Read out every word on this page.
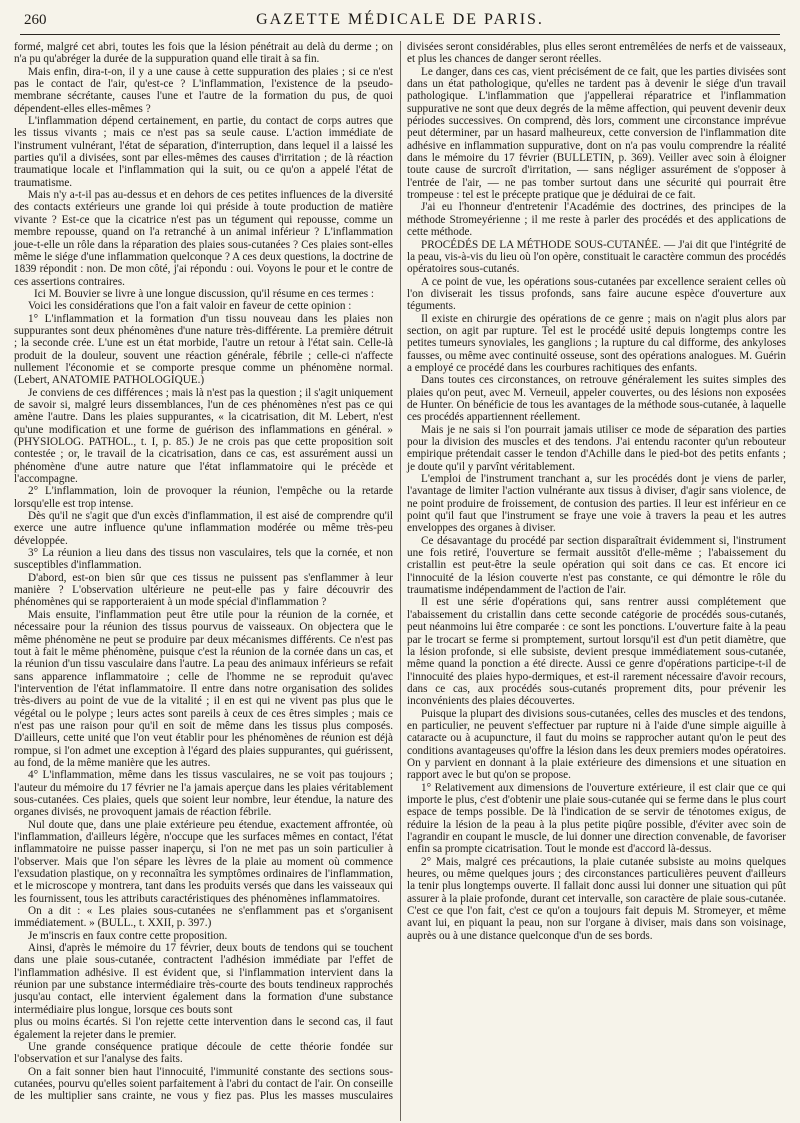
260	GAZETTE MÉDICALE DE PARIS.

formé, malgré cet abri, toutes les fois que la lésion pénétrait au delà du derme ; on n'a pu qu'abréger la durée de la suppuration quand elle tirait à sa fin.

Mais enfin, dira-t-on, il y a une cause à cette suppuration des plaies ; si ce n'est pas le contact de l'air, qu'est-ce ? L'inflammation, l'existence de la pseudo-membrane sécrétante, causes l'une et l'autre de la formation du pus, de quoi dépendent-elles elles-mêmes ?

L'inflammation dépend certainement, en partie, du contact de corps autres que les tissus vivants ; mais ce n'est pas sa seule cause. L'action immédiate de l'instrument vulnérant, l'état de séparation, d'interruption, dans lequel il a laissé les parties qu'il a divisées, sont par elles-mêmes des causes d'irritation ; de là réaction traumatique locale et l'inflammation qui la suit, ou ce qu'on a appelé l'état de traumatisme.

Mais n'y a-t-il pas au-dessus et en dehors de ces petites influences de la diversité des contacts extérieurs une grande loi qui préside à toute production de matière vivante ? Est-ce que la cicatrice n'est pas un tégument qui repousse, comme un membre repousse, quand on l'a retranché à un animal inférieur ? L'inflammation joue-t-elle un rôle dans la réparation des plaies sous-cutanées ? Ces plaies sont-elles même le siége d'une inflammation quelconque ? A ces deux questions, la doctrine de 1839 répondit : non. De mon côté, j'ai répondu : oui. Voyons le pour et le contre de ces assertions contraires.

Ici M. Bouvier se livre à une longue discussion, qu'il résume en ces termes :

Voici les considérations que l'on a fait valoir en faveur de cette opinion :

1° L'inflammation et la formation d'un tissu nouveau dans les plaies non suppurantes sont deux phénomènes d'une nature très-différente. La première détruit ; la seconde crée. L'une est un état morbide, l'autre un retour à l'état sain. Celle-là produit de la douleur, souvent une réaction générale, fébrile ; celle-ci n'affecte nullement l'économie et se comporte presque comme un phénomène normal. (Lebert, ANATOMIE PATHOLOGIQUE.)

Je conviens de ces différences ; mais là n'est pas la question ; il s'agit uniquement de savoir si, malgré leurs dissemblances, l'un de ces phénomènes n'est pas ce qui amène l'autre. Dans les plaies suppurantes, « la cicatrisation, dit M. Lebert, n'est qu'une modification et une forme de guérison des inflammations en général. » (PHYSIOLOG. PATHOL., t. I, p. 85.) Je ne crois pas que cette proposition soit contestée ; or, le travail de la cicatrisation, dans ce cas, est assurément aussi un phénomène d'une autre nature que l'état inflammatoire qui le précède et l'accompagne.

2° L'inflammation, loin de provoquer la réunion, l'empêche ou la retarde lorsqu'elle est trop intense.

Dès qu'il ne s'agit que d'un excès d'inflammation, il est aisé de comprendre qu'il exerce une autre influence qu'une inflammation modérée ou même très-peu développée.

3° La réunion a lieu dans des tissus non vasculaires, tels que la cornée, et non susceptibles d'inflammation.

D'abord, est-on bien sûr que ces tissus ne puissent pas s'enflammer à leur manière ? L'observation ultérieure ne peut-elle pas y faire découvrir des phénomènes qui se rapporteraient à un mode spécial d'inflammation ?

Mais ensuite, l'inflammation peut être utile pour la réunion de la cornée, et nécessaire pour la réunion des tissus pourvus de vaisseaux. On objectera que le même phénomène ne peut se produire par deux mécanismes différents. Ce n'est pas tout à fait le même phénomène, puisque c'est la réunion de la cornée dans un cas, et la réunion d'un tissu vasculaire dans l'autre. La peau des animaux inférieurs se refait sans apparence inflammatoire ; celle de l'homme ne se reproduit qu'avec l'intervention de l'état inflammatoire. Il entre dans notre organisation des solides très-divers au point de vue de la vitalité ; il en est qui ne vivent pas plus que le végétal ou le polype ; leurs actes sont pareils à ceux de ces êtres simples ; mais ce n'est pas une raison pour qu'il en soit de même dans les tissus plus composés. D'ailleurs, cette unité que l'on veut établir pour les phénomènes de réunion est déjà rompue, si l'on admet une exception à l'égard des plaies suppurantes, qui guérissent, au fond, de la même manière que les autres.

4° L'inflammation, même dans les tissus vasculaires, ne se voit pas toujours ; l'auteur du mémoire du 17 février ne l'a jamais aperçue dans les plaies véritablement sous-cutanées. Ces plaies, quels que soient leur nombre, leur étendue, la nature des organes divisés, ne provoquent jamais de réaction fébrile.

Nul doute que, dans une plaie extérieure peu étendue, exactement affrontée, où l'inflammation, d'ailleurs légère, n'occupe que les surfaces mêmes en contact, l'état inflammatoire ne puisse passer inaperçu, si l'on ne met pas un soin particulier à l'observer. Mais que l'on sépare les lèvres de la plaie au moment où commence l'exsudation plastique, on y reconnaîtra les symptômes ordinaires de l'inflammation, et le microscope y montrera, tant dans les produits versés que dans les vaisseaux qui les fournissent, tous les attributs caractéristiques des phénomènes inflammatoires.

On a dit : « Les plaies sous-cutanées ne s'enflamment pas et s'organisent immédiatement. » (BULL., t. XXII, p. 397.)

Je m'inscris en faux contre cette proposition.

Ainsi, d'après le mémoire du 17 février, deux bouts de tendons qui se touchent dans une plaie sous-cutanée, contractent l'adhésion immédiate par l'effet de l'inflammation adhésive. Il est évident que, si l'inflammation intervient dans la réunion par une substance intermédiaire très-courte des bouts tendineux rapprochés jusqu'au contact, elle intervient également dans la formation d'une substance intermédiaire plus longue, lorsque ces bouts sont

plus ou moins écartés. Si l'on rejette cette intervention dans le second cas, il faut également la rejeter dans le premier.

Une grande conséquence pratique découle de cette théorie fondée sur l'observation et sur l'analyse des faits.

On a fait sonner bien haut l'innocuité, l'immunité constante des sections sous-cutanées, pourvu qu'elles soient parfaitement à l'abri du contact de l'air. On conseille de les multiplier sans crainte, ne vous y fiez pas. Plus les masses musculaires divisées seront considérables, plus elles seront entremêlées de nerfs et de vaisseaux, et plus les chances de danger seront réelles.

Le danger, dans ces cas, vient précisément de ce fait, que les parties divisées sont dans un état pathologique, qu'elles ne tardent pas à devenir le siége d'un travail pathologique. L'inflammation que j'appellerai réparatrice et l'inflammation suppurative ne sont que deux degrés de la même affection, qui peuvent devenir deux périodes successives. On comprend, dès lors, comment une circonstance imprévue peut déterminer, par un hasard malheureux, cette conversion de l'inflammation dite adhésive en inflammation suppurative, dont on n'a pas voulu comprendre la réalité dans le mémoire du 17 février (BULLETIN, p. 369). Veiller avec soin à éloigner toute cause de surcroît d'irritation, — sans négliger assurément de s'opposer à l'entrée de l'air, — ne pas tomber surtout dans une sécurité qui pourrait être trompeuse : tel est le précepte pratique que je déduirai de ce fait.

J'ai eu l'honneur d'entretenir l'Académie des doctrines, des principes de la méthode Stromeyérienne ; il me reste à parler des procédés et des applications de cette méthode.

PROCÉDÉS DE LA MÉTHODE SOUS-CUTANÉE. — J'ai dit que l'intégrité de la peau, vis-à-vis du lieu où l'on opère, constituait le caractère commun des procédés opératoires sous-cutanés.

A ce point de vue, les opérations sous-cutanées par excellence seraient celles où l'on diviserait les tissus profonds, sans faire aucune espèce d'ouverture aux téguments.

Il existe en chirurgie des opérations de ce genre ; mais on n'agit plus alors par section, on agit par rupture. Tel est le procédé usité depuis longtemps contre les petites tumeurs synoviales, les ganglions ; la rupture du cal difforme, des ankyloses fausses, ou même avec continuité osseuse, sont des opérations analogues. M. Guérin a employé ce procédé dans les courbures rachitiques des enfants.

Dans toutes ces circonstances, on retrouve généralement les suites simples des plaies qu'on peut, avec M. Verneuil, appeler couvertes, ou des lésions non exposées de Hunter. On bénéficie de tous les avantages de la méthode sous-cutanée, à laquelle ces procédés appartiennent réellement.

Mais je ne sais si l'on pourrait jamais utiliser ce mode de séparation des parties pour la division des muscles et des tendons. J'ai entendu raconter qu'un rebouteur empirique prétendait casser le tendon d'Achille dans le pied-bot des petits enfants ; je doute qu'il y parvînt véritablement.

L'emploi de l'instrument tranchant a, sur les procédés dont je viens de parler, l'avantage de limiter l'action vulnérante aux tissus à diviser, d'agir sans violence, de ne point produire de froissement, de contusion des parties. Il leur est inférieur en ce point qu'il faut que l'instrument se fraye une voie à travers la peau et les autres enveloppes des organes à diviser.

Ce désavantage du procédé par section disparaîtrait évidemment si, l'instrument une fois retiré, l'ouverture se fermait aussitôt d'elle-même ; l'abaissement du cristallin est peut-être la seule opération qui soit dans ce cas. Et encore ici l'innocuité de la lésion couverte n'est pas constante, ce qui démontre le rôle du traumatisme indépendamment de l'action de l'air.

Il est une série d'opérations qui, sans rentrer aussi complétement que l'abaissement du cristallin dans cette seconde catégorie de procédés sous-cutanés, peut néanmoins lui être comparée : ce sont les ponctions. L'ouverture faite à la peau par le trocart se ferme si promptement, surtout lorsqu'il est d'un petit diamètre, que la lésion profonde, si elle subsiste, devient presque immédiatement sous-cutanée, même quand la ponction a été directe. Aussi ce genre d'opérations participe-t-il de l'innocuité des plaies hypo-dermiques, et est-il rarement nécessaire d'avoir recours, dans ce cas, aux procédés sous-cutanés proprement dits, pour prévenir les inconvénients des plaies découvertes.

Puisque la plupart des divisions sous-cutanées, celles des muscles et des tendons, en particulier, ne peuvent s'effectuer par rupture ni à l'aide d'une simple aiguille à cataracte ou à acupuncture, il faut du moins se rapprocher autant qu'on le peut des conditions avantageuses qu'offre la lésion dans les deux premiers modes opératoires. On y parvient en donnant à la plaie extérieure des dimensions et une situation en rapport avec le but qu'on se propose.

1° Relativement aux dimensions de l'ouverture extérieure, il est clair que ce qui importe le plus, c'est d'obtenir une plaie sous-cutanée qui se ferme dans le plus court espace de temps possible. De là l'indication de se servir de ténotomes exigus, de réduire la lésion de la peau à la plus petite piqûre possible, d'éviter avec soin de l'agrandir en coupant le muscle, de lui donner une direction convenable, de favoriser enfin sa prompte cicatrisation. Tout le monde est d'accord là-dessus.

2° Mais, malgré ces précautions, la plaie cutanée subsiste au moins quelques heures, ou même quelques jours ; des circonstances particulières peuvent d'ailleurs la tenir plus longtemps ouverte. Il fallait donc aussi lui donner une situation qui pût assurer à la plaie profonde, durant cet intervalle, son caractère de plaie sous-cutanée. C'est ce que l'on fait, c'est ce qu'on a toujours fait depuis M. Stromeyer, et même avant lui, en piquant la peau, non sur l'organe à diviser, mais dans son voisinage, auprès ou à une distance quelconque d'un de ses bords.
